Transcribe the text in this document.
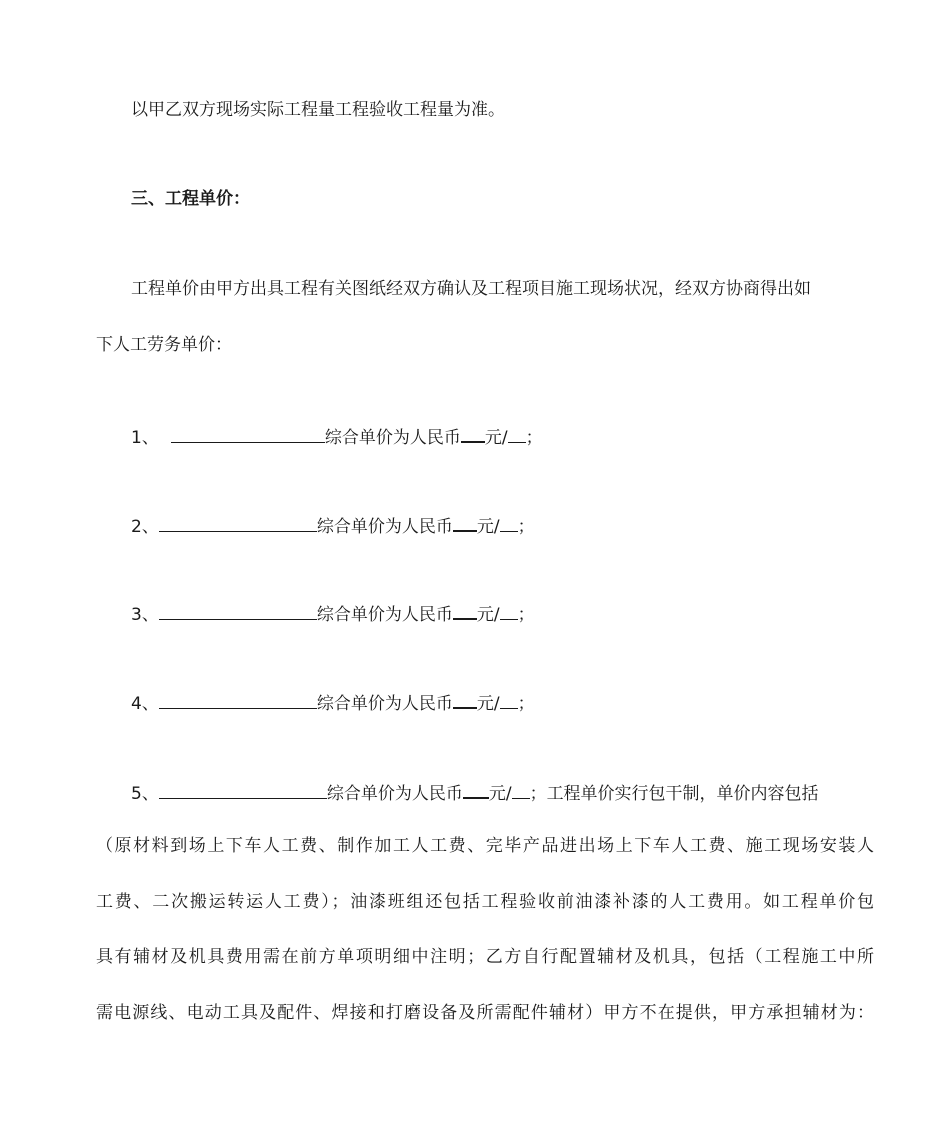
以甲乙双方现场实际工程量工程验收工程量为准。
三、工程单价：
工程单价由甲方出具工程有关图纸经双方确认及工程项目施工现场状况，经双方协商得出如
下人工劳务单价：
1、	综合单价为人民币 元/ ；
2、	综合单价为人民币 元/ ；
3、	综合单价为人民币 元/ ；
4、	综合单价为人民币 元/ ；
5、	综合单价为人民币 元/ ；工程单价实行包干制，单价内容包括
（原材料到场上下车人工费、制作加工人工费、完毕产品进出场上下车人工费、施工现场安装人
工费、二次搬运转运人工费）；油漆班组还包括工程验收前油漆补漆的人工费用。如工程单价包
具有辅材及机具费用需在前方单项明细中注明；乙方自行配置辅材及机具，包括（工程施工中所
需电源线、电动工具及配件、焊接和打磨设备及所需配件辅材）甲方不在提供，甲方承担辅材为：
